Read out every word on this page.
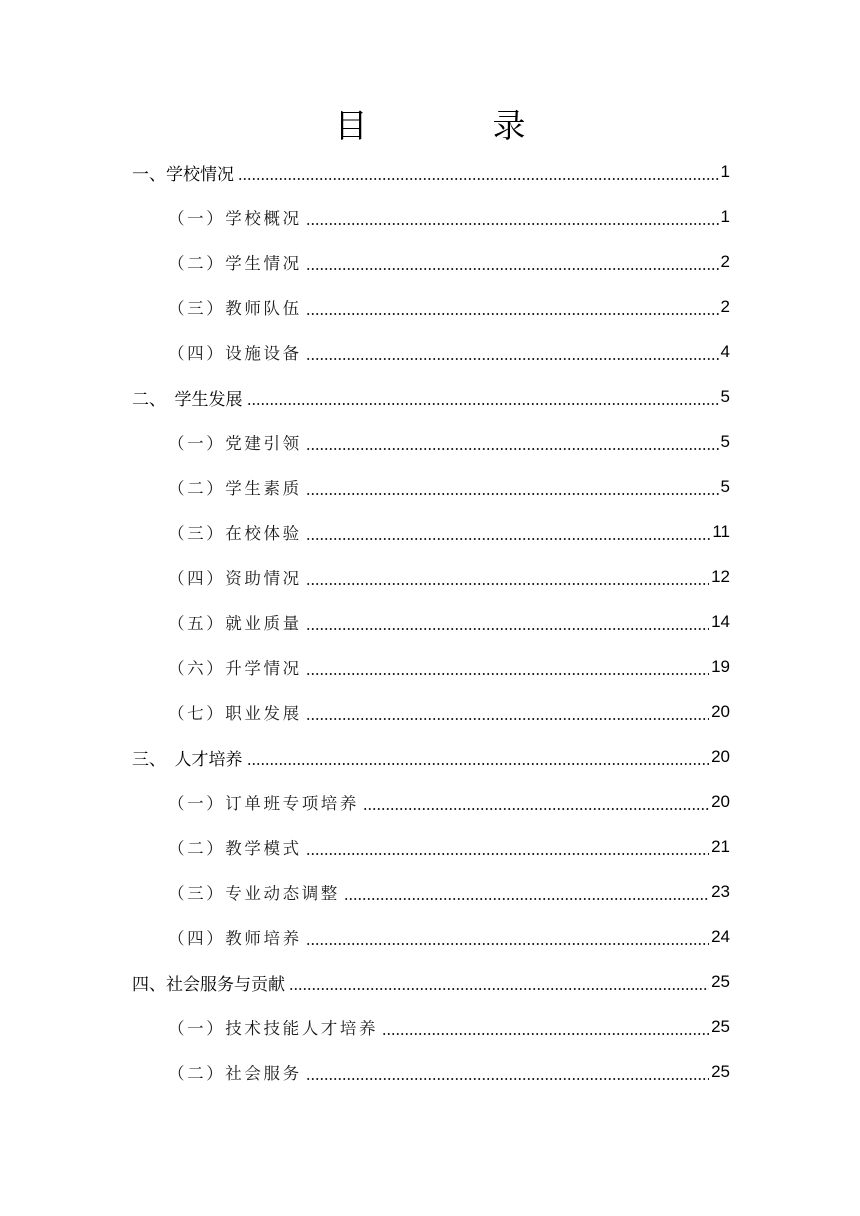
目　录
一、学校情况	1
（一）学校概况	1
（二）学生情况	2
（三）教师队伍	2
（四）设施设备	4
二、　学生发展	5
（一）党建引领	5
（二）学生素质	5
（三）在校体验	11
（四）资助情况	12
（五）就业质量	14
（六）升学情况	19
（七）职业发展	20
三、　人才培养	20
（一）订单班专项培养	20
（二）教学模式	21
（三）专业动态调整	23
（四）教师培养	24
四、社会服务与贡献	25
（一）技术技能人才培养	25
（二）社会服务	25
